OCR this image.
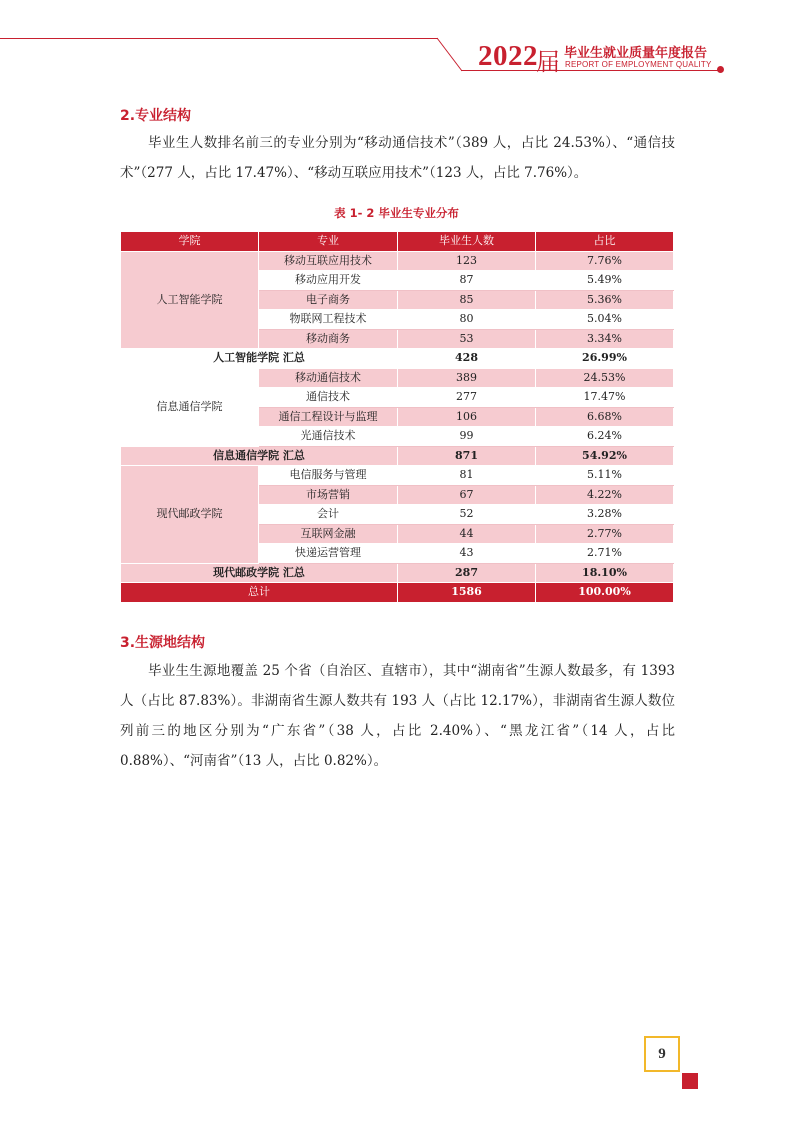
2022
届 毕业生就业质量年度报告
REPORT OF EMPLOYMENT QUALITY
2.专业结构

毕业生人数排名前三的专业分别为“移动通信技术”（389 人，占比 24.53%）、“通信技术”（277 人，占比 17.47%）、“移动互联应用技术”（123 人，占比 7.76%）。

表 1- 2 毕业生专业分布
学院	专业	毕业生人数	占比
人工智能学院	移动互联应用技术	123	7.76%
	移动应用开发	87	5.49%
	电子商务	85	5.36%
	物联网工程技术	80	5.04%
	移动商务	53	3.34%
人工智能学院 汇总		428	26.99%
信息通信学院	移动通信技术	389	24.53%
	通信技术	277	17.47%
	通信工程设计与监理	106	6.68%
	光通信技术	99	6.24%
信息通信学院 汇总		871	54.92%
现代邮政学院	电信服务与管理	81	5.11%
	市场营销	67	4.22%
	会计	52	3.28%
	互联网金融	44	2.77%
	快递运营管理	43	2.71%
现代邮政学院 汇总		287	18.10%
总计		1586	100.00%
3.生源地结构

毕业生生源地覆盖 25 个省（自治区、直辖市），其中“湖南省”生源人数最多，有 1393 人（占比 87.83%）。非湖南省生源人数共有 193 人（占比 12.17%），非湖南省生源人数位列前三的地区分别为“广东省”（38 人，占比 2.40%）、“黑龙江省”（14 人，占比 0.88%）、“河南省”（13 人，占比 0.82%）。

9
